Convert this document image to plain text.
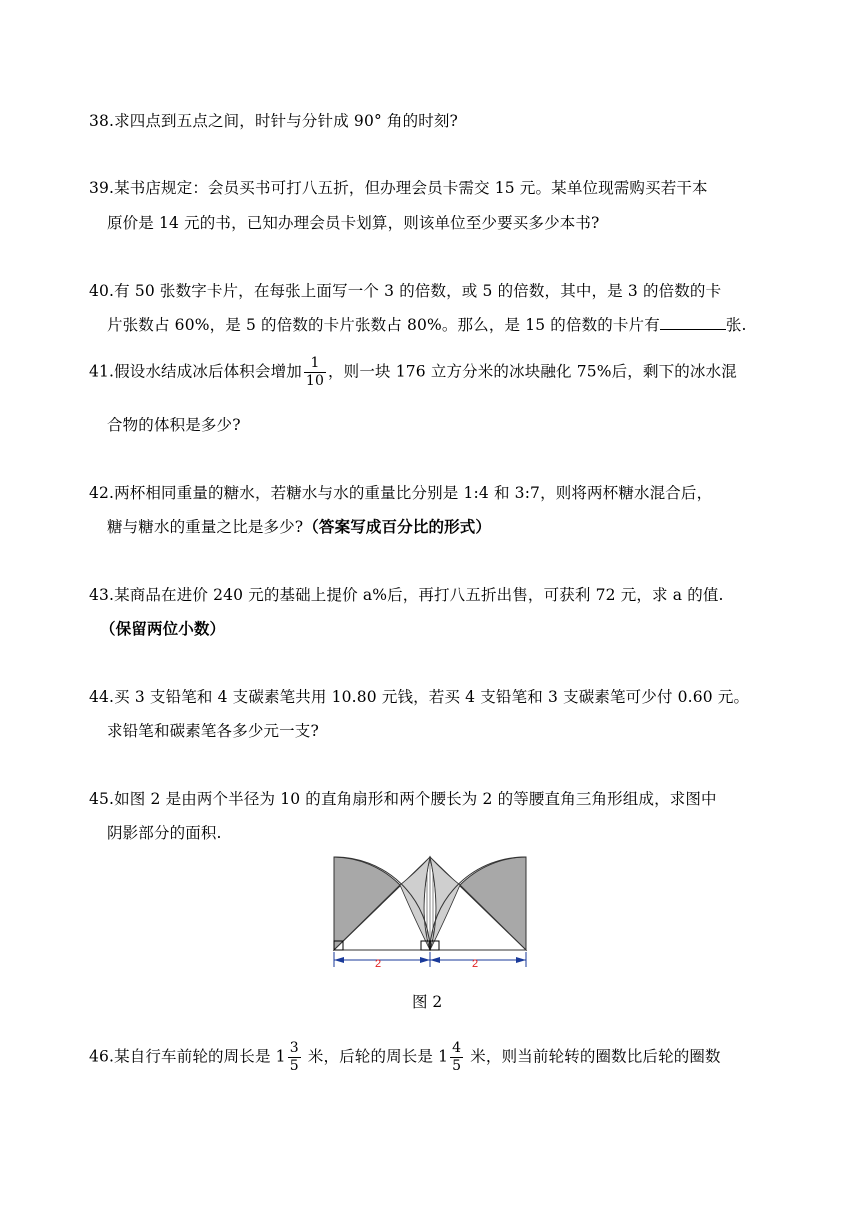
38.求四点到五点之间，时针与分针成 90° 角的时刻?
39.某书店规定：会员买书可打八五折，但办理会员卡需交 15 元。某单位现需购买若干本
原价是 14 元的书，已知办理会员卡划算，则该单位至少要买多少本书?
40.有 50 张数字卡片，在每张上面写一个 3 的倍数，或 5 的倍数，其中，是 3 的倍数的卡
片张数占 60%，是 5 的倍数的卡片张数占 80%。那么，是 15 的倍数的卡片有	张.
41.假设水结成冰后体积会增加 $\frac{1}{10}$ ，则一块 176 立方分米的冰块融化 75%后，剩下的冰水混
合物的体积是多少?
42.两杯相同重量的糖水，若糖水与水的重量比分别是 1:4 和 3:7，则将两杯糖水混合后，
糖与糖水的重量之比是多少?（答案写成百分比的形式）
43.某商品在进价 240 元的基础上提价 a%后，再打八五折出售，可获利 72 元，求 a 的值.
（保留两位小数）
44.买 3 支铅笔和 4 支碳素笔共用 10.80 元钱，若买 4 支铅笔和 3 支碳素笔可少付 0.60 元。
求铅笔和碳素笔各多少元一支?
45.如图 2 是由两个半径为 10 的直角扇形和两个腰长为 2 的等腰直角三角形组成，求图中
阴影部分的面积.
2	2
图 2
46.某自行车前轮的周长是 $1 \frac{3}{5}$ 米，后轮的周长是 $1 \frac{4}{5}$ 米，则当前轮转的圈数比后轮的圈数
